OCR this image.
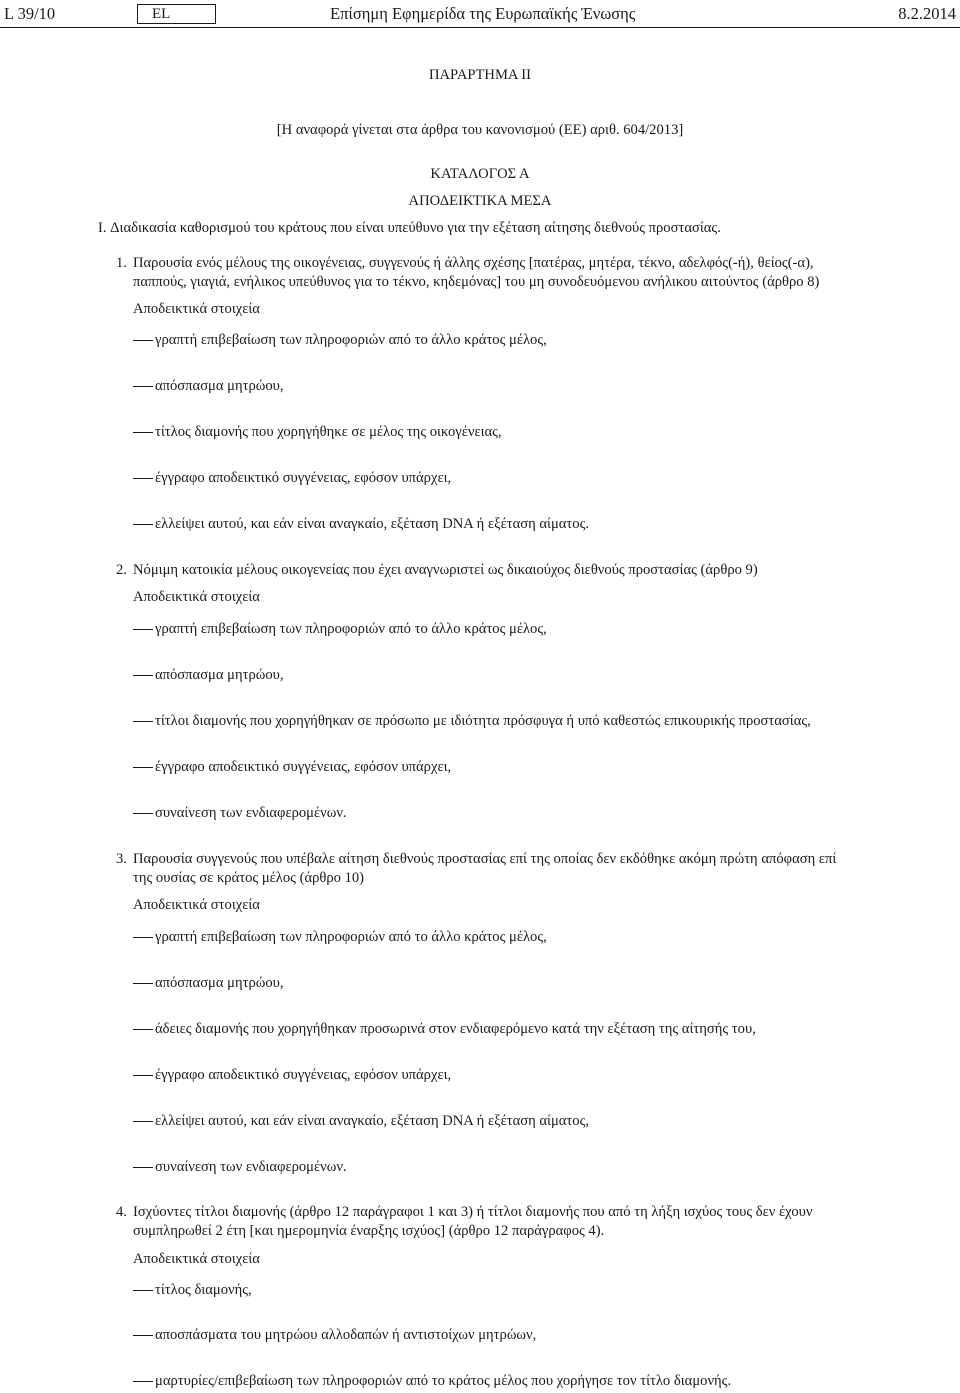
L 39/10	EL	Επίσημη Εφημερίδα της Ευρωπαϊκής Ένωσης	8.2.2014
ΠΑΡΑΡΤΗΜΑ II
[Η αναφορά γίνεται στα άρθρα του κανονισμού (ΕΕ) αριθ. 604/2013]
ΚΑΤΑΛΟΓΟΣ Α
ΑΠΟΔΕΙΚΤΙΚΑ ΜΕΣΑ
I. Διαδικασία καθορισμού του κράτους που είναι υπεύθυνο για την εξέταση αίτησης διεθνούς προστασίας.
1. Παρουσία ενός μέλους της οικογένειας, συγγενούς ή άλλης σχέσης [πατέρας, μητέρα, τέκνο, αδελφός(-ή), θείος(-α),
παππούς, γιαγιά, ενήλικος υπεύθυνος για το τέκνο, κηδεμόνας] του μη συνοδευόμενου ανήλικου αιτούντος (άρθρο 8)
Αποδεικτικά στοιχεία
γραπτή επιβεβαίωση των πληροφοριών από το άλλο κράτος μέλος,
απόσπασμα μητρώου,
τίτλος διαμονής που χορηγήθηκε σε μέλος της οικογένειας,
έγγραφο αποδεικτικό συγγένειας, εφόσον υπάρχει,
ελλείψει αυτού, και εάν είναι αναγκαίο, εξέταση DNA ή εξέταση αίματος.
2. Νόμιμη κατοικία μέλους οικογενείας που έχει αναγνωριστεί ως δικαιούχος διεθνούς προστασίας (άρθρο 9)
Αποδεικτικά στοιχεία
γραπτή επιβεβαίωση των πληροφοριών από το άλλο κράτος μέλος,
απόσπασμα μητρώου,
τίτλοι διαμονής που χορηγήθηκαν σε πρόσωπο με ιδιότητα πρόσφυγα ή υπό καθεστώς επικουρικής προστασίας,
έγγραφο αποδεικτικό συγγένειας, εφόσον υπάρχει,
συναίνεση των ενδιαφερομένων.
3. Παρουσία συγγενούς που υπέβαλε αίτηση διεθνούς προστασίας επί της οποίας δεν εκδόθηκε ακόμη πρώτη απόφαση επί
της ουσίας σε κράτος μέλος (άρθρο 10)
Αποδεικτικά στοιχεία
γραπτή επιβεβαίωση των πληροφοριών από το άλλο κράτος μέλος,
απόσπασμα μητρώου,
άδειες διαμονής που χορηγήθηκαν προσωρινά στον ενδιαφερόμενο κατά την εξέταση της αίτησής του,
έγγραφο αποδεικτικό συγγένειας, εφόσον υπάρχει,
ελλείψει αυτού, και εάν είναι αναγκαίο, εξέταση DNA ή εξέταση αίματος,
συναίνεση των ενδιαφερομένων.
4. Ισχύοντες τίτλοι διαμονής (άρθρο 12 παράγραφοι 1 και 3) ή τίτλοι διαμονής που από τη λήξη ισχύος τους δεν έχουν
συμπληρωθεί 2 έτη [και ημερομηνία έναρξης ισχύος] (άρθρο 12 παράγραφος 4).
Αποδεικτικά στοιχεία
τίτλος διαμονής,
αποσπάσματα του μητρώου αλλοδαπών ή αντιστοίχων μητρώων,
μαρτυρίες/επιβεβαίωση των πληροφοριών από το κράτος μέλος που χορήγησε τον τίτλο διαμονής.
